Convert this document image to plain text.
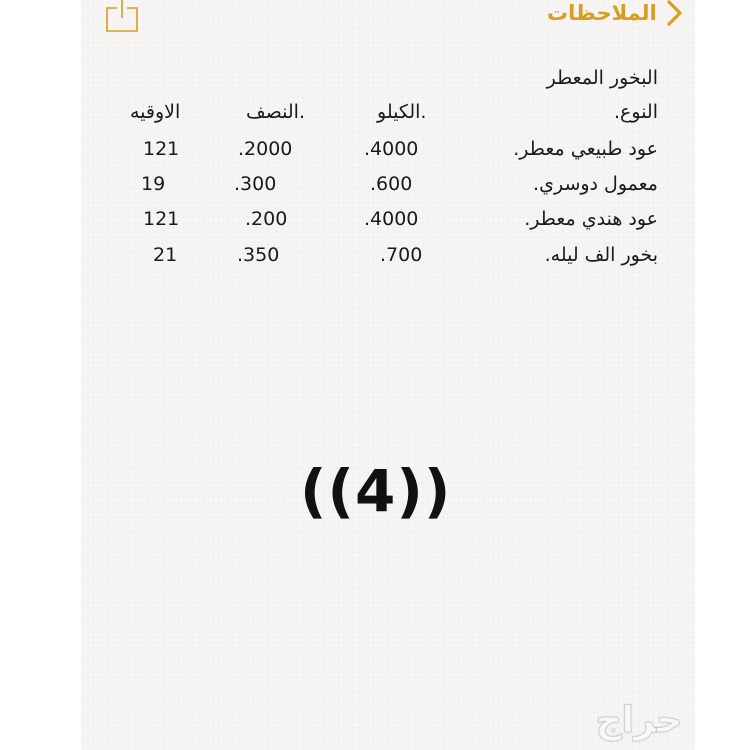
الملاحظات
البخور المعطر
النوع.
الكيلو.
النصف.
الاوقيه
عود طبيعي معطر.
.4000
.2000
121
معمول دوسري.
.600
.300
19
عود هندي معطر.
.4000
.200
121
بخور الف ليله.
.700
.350
21
((4))
حراج
